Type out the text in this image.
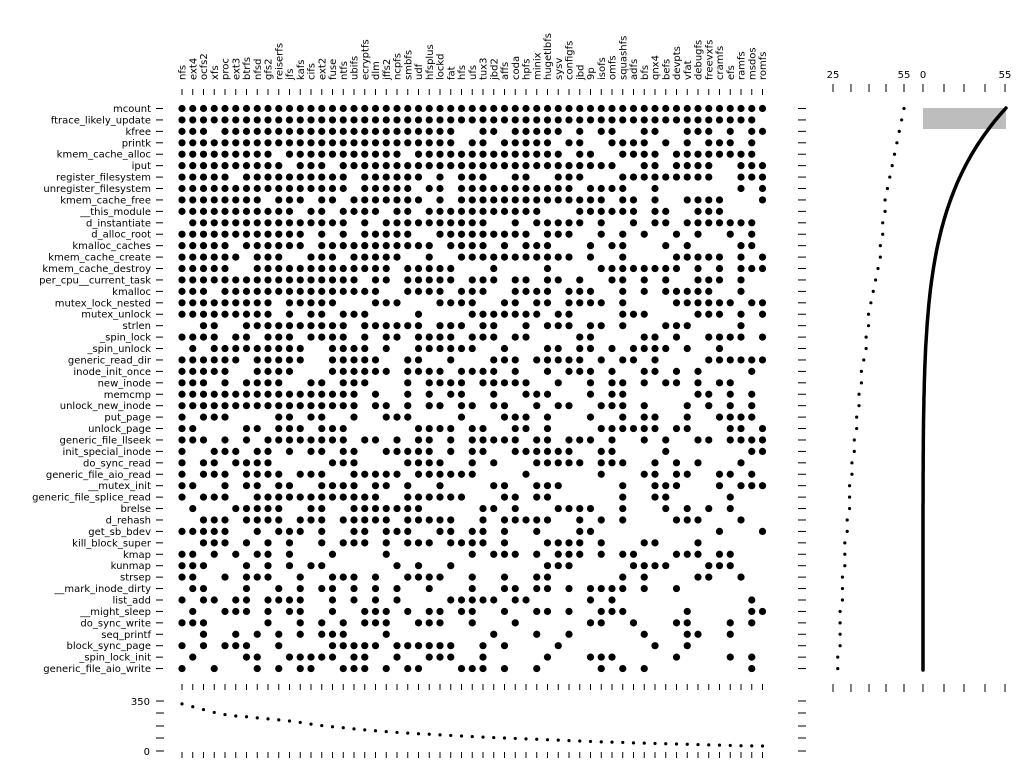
nfs ext4 ocfs2 xfs proc ext3 btrfs nfsd gfs2 reiserfs jfs kafs cifs ext2 fuse ntfs ubifs ecryptfs dlm jffs2 ncpfs smbfs udf hfsplus lockd fat hfs ufs tux3 jbd2 affs coda hpfs minix hugetlbfs sysv configfs jbd 9p isofs omfs squashfs adfs bfs qnx4 befs devpts vfat debugfs freevxfs cramfs efs ramfs msdos romfs
mcount
ftrace_likely_update
kfree
printk
kmem_cache_alloc
iput
register_filesystem
unregister_filesystem
kmem_cache_free
__this_module
d_instantiate
d_alloc_root
kmalloc_caches
kmem_cache_create
kmem_cache_destroy
per_cpu__current_task
kmalloc
mutex_lock_nested
mutex_unlock
strlen
_spin_lock
_spin_unlock
generic_read_dir
inode_init_once
new_inode
memcmp
unlock_new_inode
put_page
unlock_page
generic_file_llseek
init_special_inode
do_sync_read
generic_file_aio_read
__mutex_init
generic_file_splice_read
brelse
d_rehash
get_sb_bdev
kill_block_super
kmap
kunmap
strsep
__mark_inode_dirty
list_add
__might_sleep
do_sync_write
seq_printf
block_sync_page
_spin_lock_init
generic_file_aio_write
25	55 0	55
350
0
